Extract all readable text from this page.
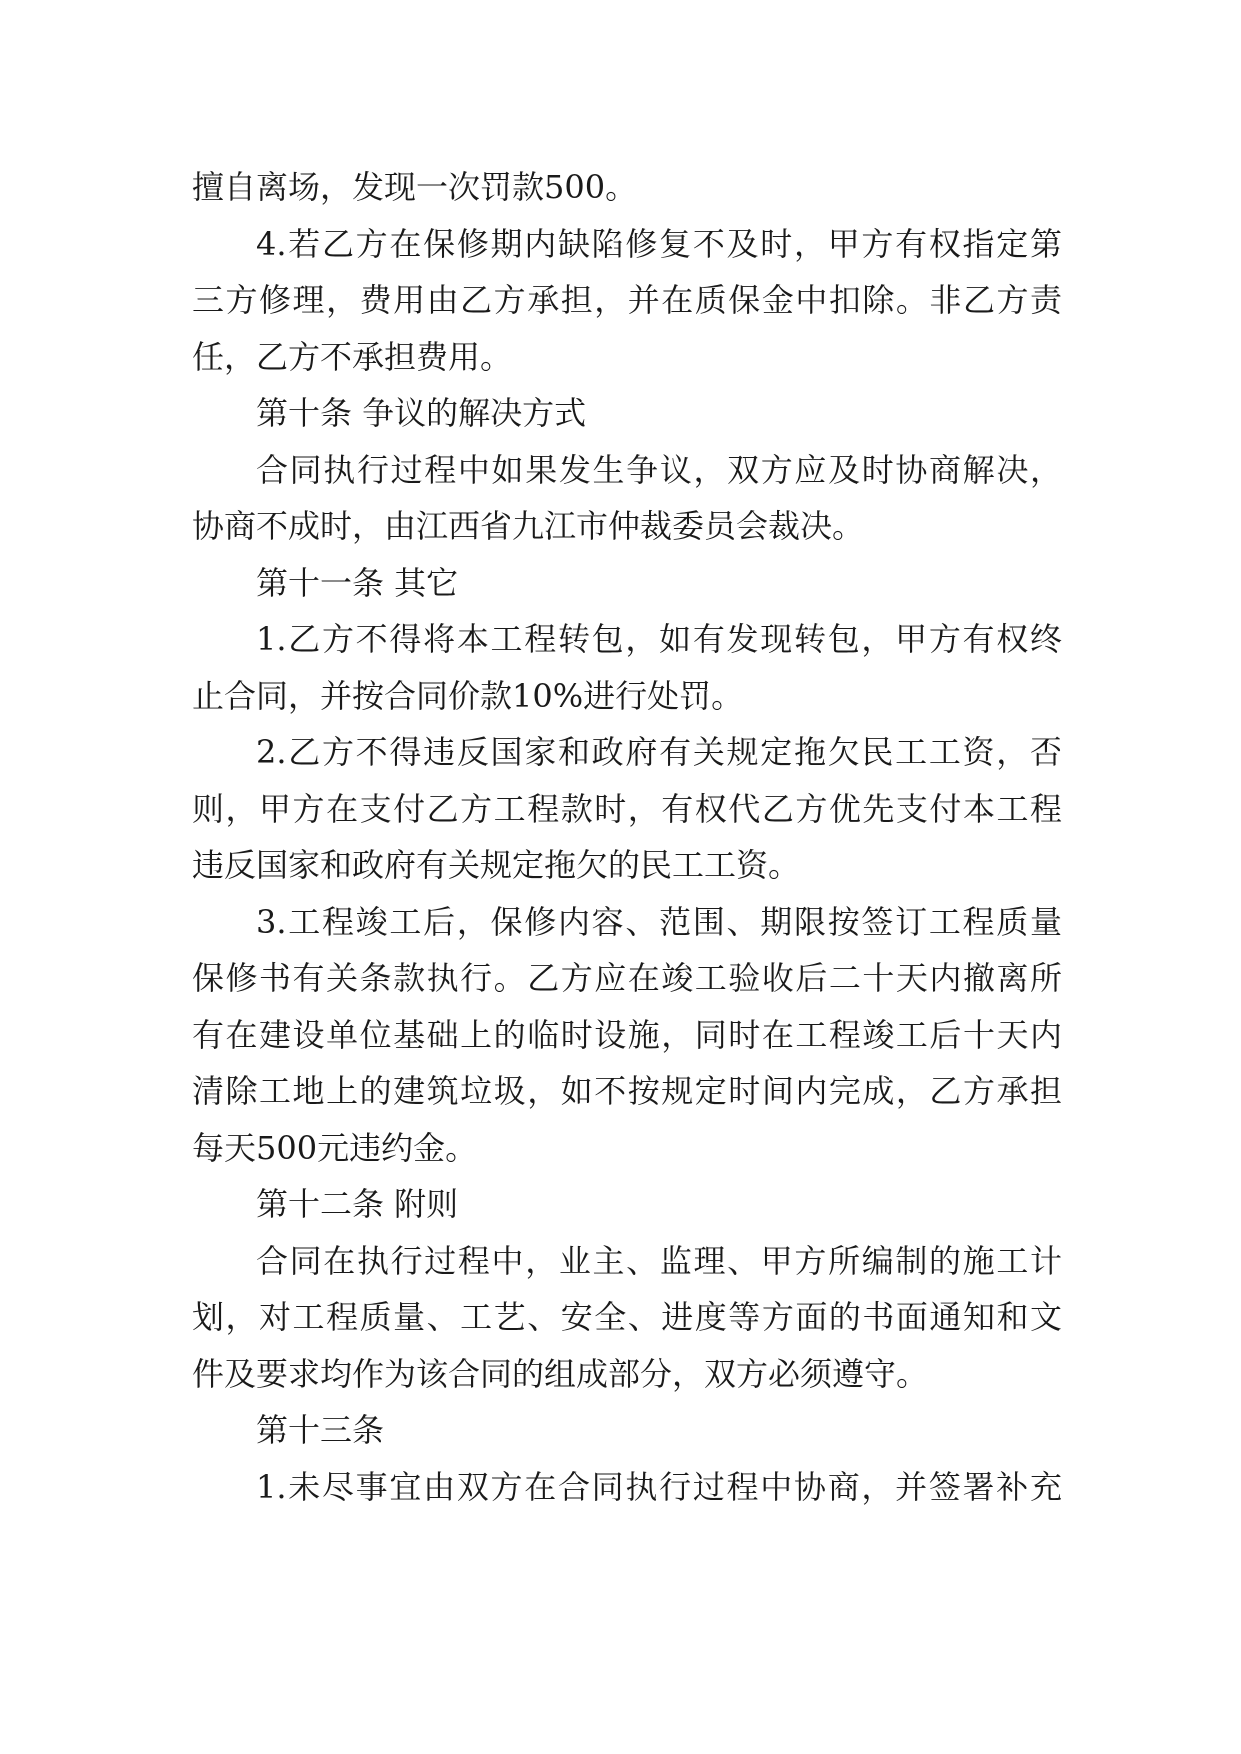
擅自离场，发现一次罚款500。
4.若乙方在保修期内缺陷修复不及时，甲方有权指定第
三方修理，费用由乙方承担，并在质保金中扣除。非乙方责
任，乙方不承担费用。
第十条 争议的解决方式
合同执行过程中如果发生争议，双方应及时协商解决，
协商不成时，由江西省九江市仲裁委员会裁决。
第十一条 其它
1.乙方不得将本工程转包，如有发现转包，甲方有权终
止合同，并按合同价款10%进行处罚。
2.乙方不得违反国家和政府有关规定拖欠民工工资，否
则，甲方在支付乙方工程款时，有权代乙方优先支付本工程
违反国家和政府有关规定拖欠的民工工资。
3.工程竣工后，保修内容、范围、期限按签订工程质量
保修书有关条款执行。乙方应在竣工验收后二十天内撤离所
有在建设单位基础上的临时设施，同时在工程竣工后十天内
清除工地上的建筑垃圾，如不按规定时间内完成，乙方承担
每天500元违约金。
第十二条 附则
合同在执行过程中，业主、监理、甲方所编制的施工计
划，对工程质量、工艺、安全、进度等方面的书面通知和文
件及要求均作为该合同的组成部分，双方必须遵守。
第十三条
1.未尽事宜由双方在合同执行过程中协商，并签署补充
